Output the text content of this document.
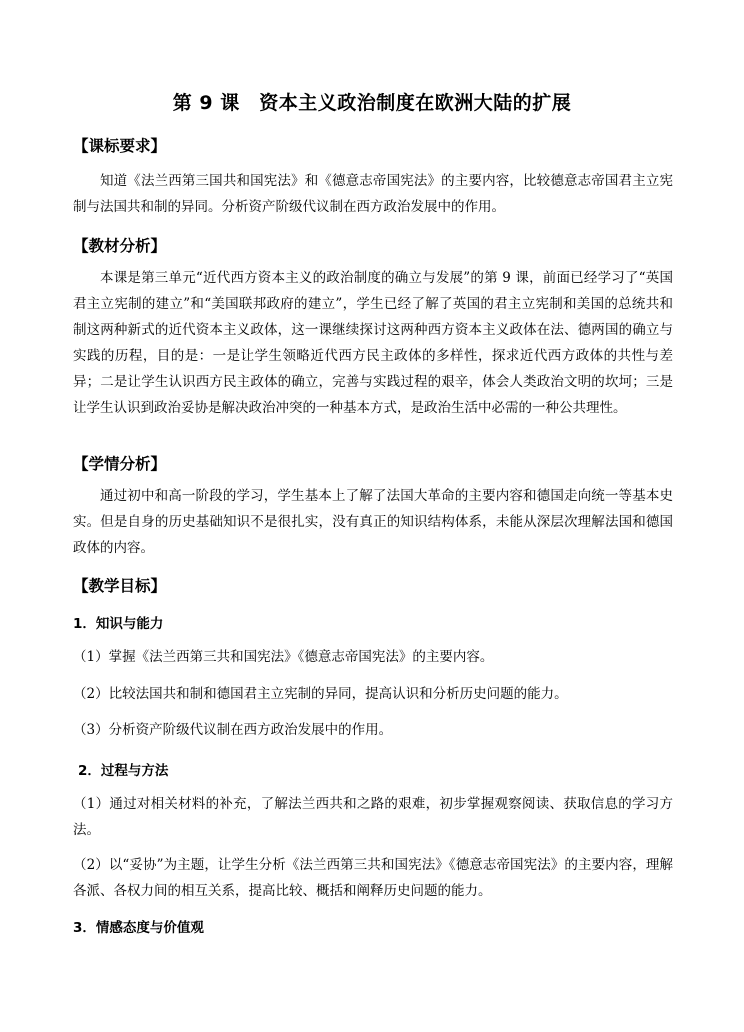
第 9 课　资本主义政治制度在欧洲大陆的扩展
【课标要求】
知道《法兰西第三国共和国宪法》和《德意志帝国宪法》的主要内容，比较德意志帝国君主立宪制与法国共和制的异同。分析资产阶级代议制在西方政治发展中的作用。
【教材分析】
本课是第三单元“近代西方资本主义的政治制度的确立与发展”的第 9 课，前面已经学习了“英国君主立宪制的建立”和“美国联邦政府的建立”，学生已经了解了英国的君主立宪制和美国的总统共和制这两种新式的近代资本主义政体，这一课继续探讨这两种西方资本主义政体在法、德两国的确立与实践的历程，目的是：一是让学生领略近代西方民主政体的多样性，探求近代西方政体的共性与差异；二是让学生认识西方民主政体的确立，完善与实践过程的艰辛，体会人类政治文明的坎坷；三是让学生认识到政治妥协是解决政治冲突的一种基本方式，是政治生活中必需的一种公共理性。
【学情分析】
通过初中和高一阶段的学习，学生基本上了解了法国大革命的主要内容和德国走向统一等基本史实。但是自身的历史基础知识不是很扎实，没有真正的知识结构体系，未能从深层次理解法国和德国政体的内容。
【教学目标】
1．知识与能力
（1）掌握《法兰西第三共和国宪法》《德意志帝国宪法》的主要内容。
（2）比较法国共和制和德国君主立宪制的异同，提高认识和分析历史问题的能力。
（3）分析资产阶级代议制在西方政治发展中的作用。
2．过程与方法
（1）通过对相关材料的补充，了解法兰西共和之路的艰难，初步掌握观察阅读、获取信息的学习方法。
（2）以“妥协”为主题，让学生分析《法兰西第三共和国宪法》《德意志帝国宪法》的主要内容，理解各派、各权力间的相互关系，提高比较、概括和阐释历史问题的能力。
3．情感态度与价值观
